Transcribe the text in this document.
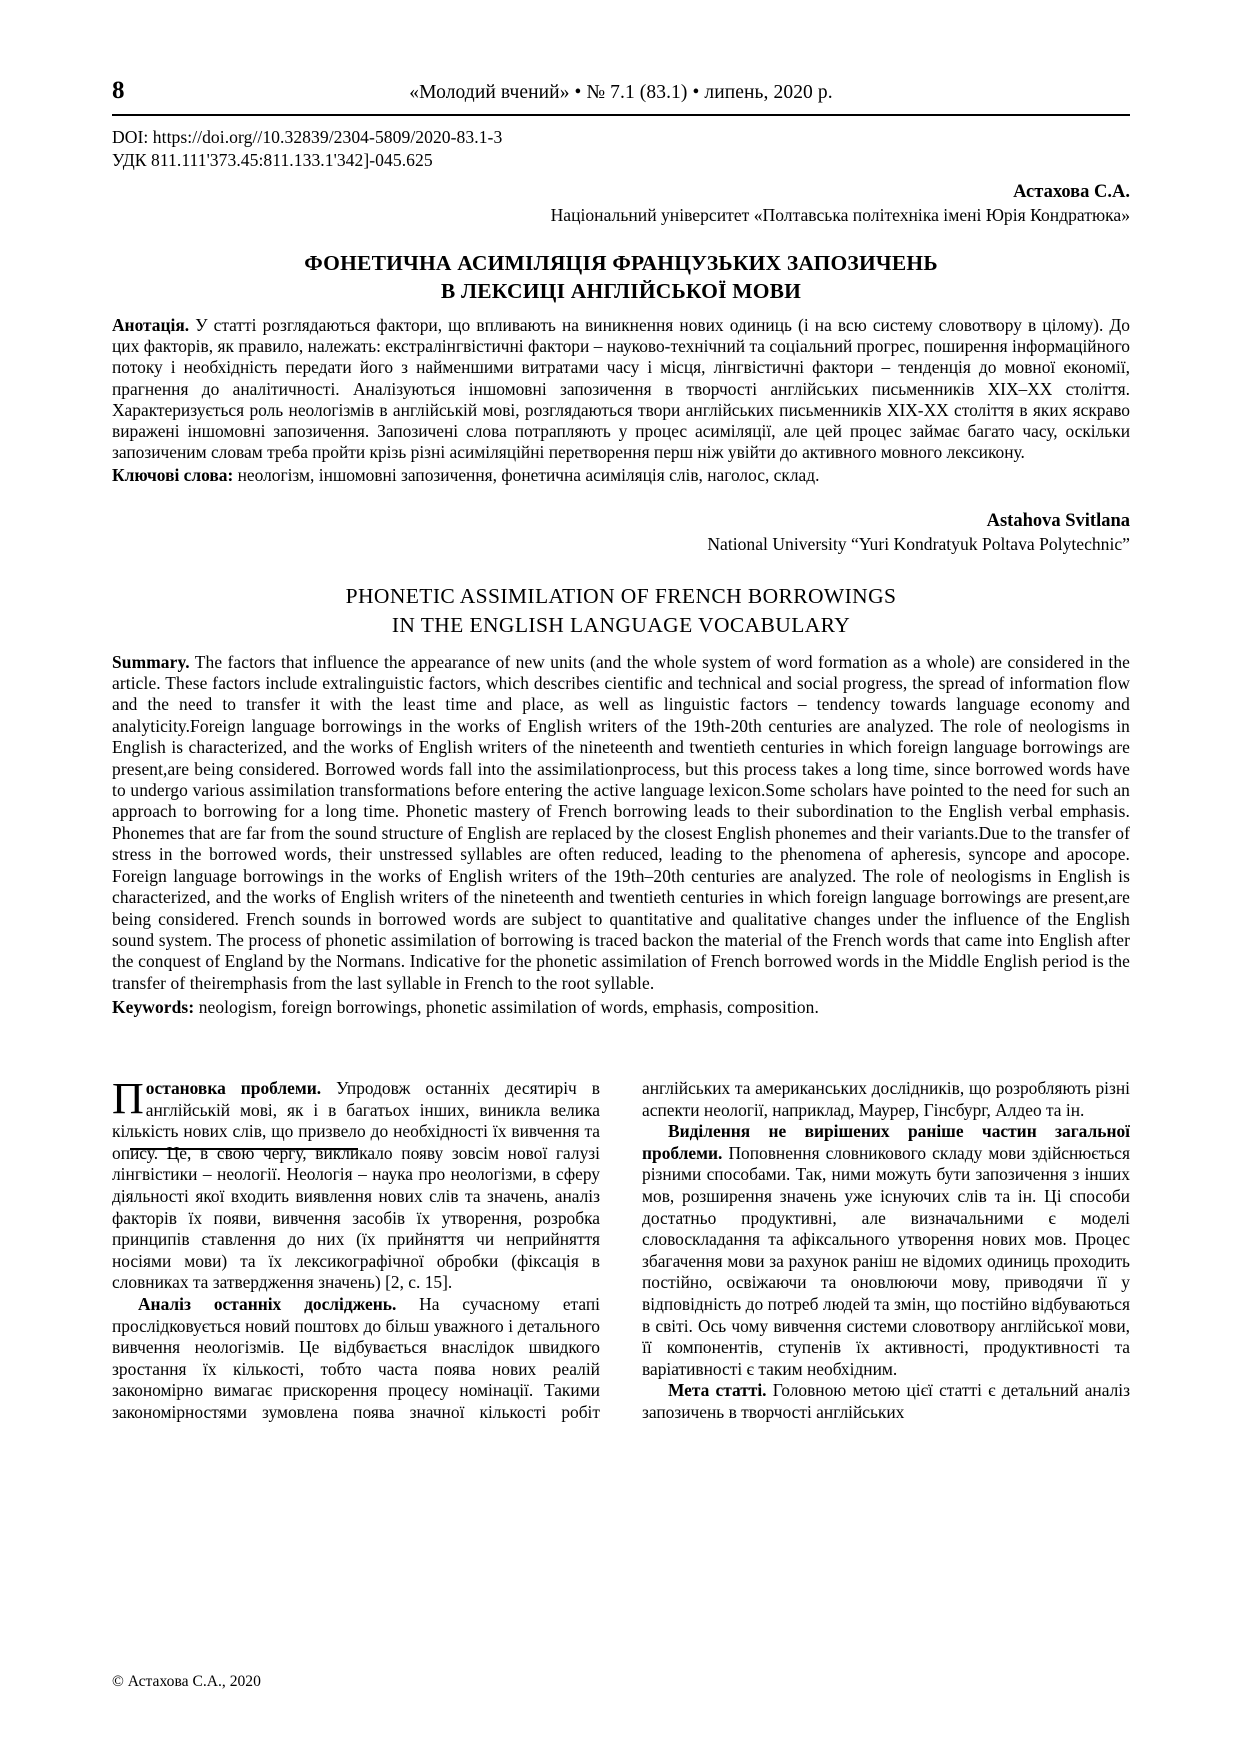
8	«Молодий вчений» • № 7.1 (83.1) • липень, 2020 р.
DOI: https://doi.org//10.32839/2304-5809/2020-83.1-3
УДК 811.111'373.45:811.133.1'342]-045.625
Астахова С.А.
Національний університет «Полтавська політехніка імені Юрія Кондратюка»
ФОНЕТИЧНА АСИМІЛЯЦІЯ ФРАНЦУЗЬКИХ ЗАПОЗИЧЕНЬ
В ЛЕКСИЦІ АНГЛІЙСЬКОЇ МОВИ
Анотація. У статті розглядаються фактори, що впливають на виникнення нових одиниць (і на всю систему словотвору в цілому). До цих факторів, як правило, належать: екстралінгвістичні фактори – науково-технічний та соціальний прогрес, поширення інформаційного потоку і необхідність передати його з найменшими витратами часу і місця, лінгвістичні фактори – тенденція до мовної економії, прагнення до аналітичності. Аналізуються іншомовні запозичення в творчості англійських письменників XIX–XX століття. Характеризується роль неологізмів в англійській мові, розглядаються твори англійських письменників XIX-XX століття в яких яскраво виражені іншомовні запозичення. Запозичені слова потрапляють у процес асиміляції, але цей процес займає багато часу, оскільки запозиченим словам треба пройти крізь різні асиміляційні перетворення перш ніж увійти до активного мовного лексикону.
Ключові слова: неологізм, іншомовні запозичення, фонетична асиміляція слів, наголос, склад.
Astahova Svitlana
National University “Yuri Kondratyuk Poltava Polytechnic”
PHONETIC ASSIMILATION OF FRENCH BORROWINGS
IN THE ENGLISH LANGUAGE VOCABULARY
Summary. The factors that influence the appearance of new units (and the whole system of word formation as a whole) are considered in the article. These factors include extralinguistic factors, which describes cientific and technical and social progress, the spread of information flow and the need to transfer it with the least time and place, as well as linguistic factors – tendency towards language economy and analyticity.Foreign language borrowings in the works of English writers of the 19th-20th centuries are analyzed. The role of neologisms in English is characterized, and the works of English writers of the nineteenth and twentieth centuries in which foreign language borrowings are present,are being considered. Borrowed words fall into the assimilationprocess, but this process takes a long time, since borrowed words have to undergo various assimilation transformations before entering the active language lexicon.Some scholars have pointed to the need for such an approach to borrowing for a long time. Phonetic mastery of French borrowing leads to their subordination to the English verbal emphasis. Phonemes that are far from the sound structure of English are replaced by the closest English phonemes and their variants.Due to the transfer of stress in the borrowed words, their unstressed syllables are often reduced, leading to the phenomena of apheresis, syncope and apocope. Foreign language borrowings in the works of English writers of the 19th–20th centuries are analyzed. The role of neologisms in English is characterized, and the works of English writers of the nineteenth and twentieth centuries in which foreign language borrowings are present,are being considered. French sounds in borrowed words are subject to quantitative and qualitative changes under the influence of the English sound system. The process of phonetic assimilation of borrowing is traced backon the material of the French words that came into English after the conquest of England by the Normans. Indicative for the phonetic assimilation of French borrowed words in the Middle English period is the transfer of theiremphasis from the last syllable in French to the root syllable.
Keywords: neologism, foreign borrowings, phonetic assimilation of words, emphasis, composition.

Постановка проблеми. Упродовж останніх десятиріч в англійській мові, як і в багатьох інших, виникла велика кількість нових слів, що призвело до необхідності їх вивчення та опису. Це, в свою чергу, викликало появу зовсім нової галузі лінгвістики – неології. Неологія – наука про неологізми, в сферу діяльності якої входить виявлення нових слів та значень, аналіз факторів їх появи, вивчення засобів їх утворення, розробка принципів ставлення до них (їх прийняття чи неприйняття носіями мови) та їх лексикографічної обробки (фіксація в словниках та затвердження значень) [2, с. 15].

Аналіз останніх досліджень. На сучасному етапі прослідковується новий поштовх до більш уважного і детального вивчення неологізмів. Це відбувається внаслідок швидкого зростання їх кількості, тобто часта поява нових реалій закономірно вимагає прискорення процесу номінації. Такими закономірностями зумовлена поява значної кількості робіт англійських та американських дослідників, що розробляють різні аспекти неології, наприклад, Маурер, Гінсбург, Алдео та ін.

Виділення не вирішених раніше частин загальної проблеми. Поповнення словникового складу мови здійснюється різними способами. Так, ними можуть бути запозичення з інших мов, розширення значень уже існуючих слів та ін. Ці способи достатньо продуктивні, але визначальними є моделі словоскладання та афіксального утворення нових мов. Процес збагачення мови за рахунок раніш не відомих одиниць проходить постійно, освіжаючи та оновлюючи мову, приводячи її у відповідність до потреб людей та змін, що постійно відбуваються в світі. Ось чому вивчення системи словотвору англійської мови, її компонентів, ступенів їх активності, продуктивності та варіативності є таким необхідним.

Мета статті. Головною метою цієї статті є детальний аналіз запозичень в творчості англійських

© Астахова С.А., 2020
